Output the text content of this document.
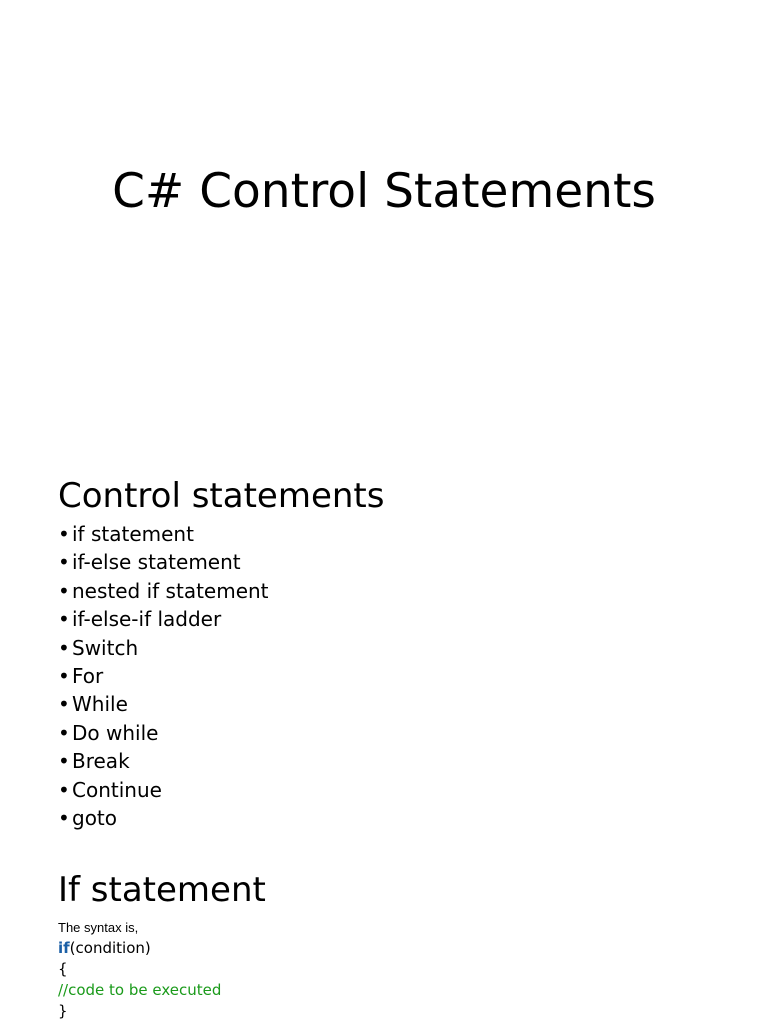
C# Control Statements
Control statements
• if statement
• if-else statement
• nested if statement
• if-else-if ladder
• Switch
• For
• While
• Do while
• Break
• Continue
• goto
If statement

The syntax is,

if(condition)
{
//code to be executed
}
